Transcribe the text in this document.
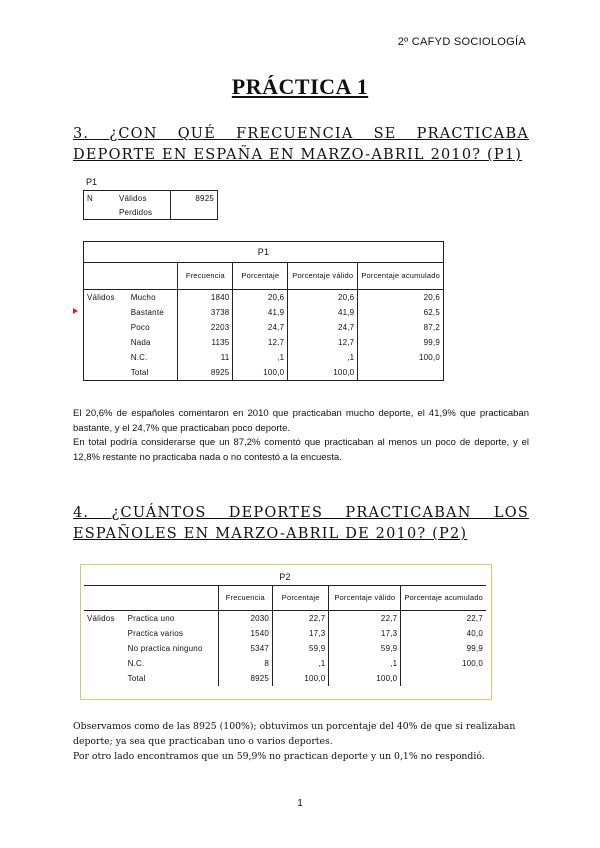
2º CAFYD SOCIOLOGÍA
PRÁCTICA 1
3. ¿CON QUÉ FRECUENCIA SE PRACTICABA
DEPORTE EN ESPAÑA EN MARZO-ABRIL 2010? (P1)
P1
N	Válidos	8925
	Perdidos	
P1					
		Frecuencia	Porcentaje	Porcentaje válido	Porcentaje acumulado
Válidos	Mucho	1840	20,6	20,6	20,6
	Bastante	3738	41,9	41,9	62,5
	Poco	2203	24,7	24,7	87,2
	Nada	1135	12,7	12,7	99,9
	N.C.	11	,1	,1	100,0
	Total	8925	100,0	100,0	
El 20,6% de españoles comentaron en 2010 que practicaban mucho deporte, el 41,9% que practicaban bastante, y el 24,7% que practicaban poco deporte.
En total podría considerarse que un 87,2% comentó que practicaban al menos un poco de deporte, y el 12,8% restante no practicaba nada o no contestó a la encuesta.
4. ¿CUÁNTOS DEPORTES PRACTICABAN LOS
ESPAÑOLES EN MARZO-ABRIL DE 2010? (P2)
P2					
		Frecuencia	Porcentaje	Porcentaje válido	Porcentaje acumulado
Válidos	Practica uno	2030	22,7	22,7	22,7
	Practica varios	1540	17,3	17,3	40,0
	No practica ninguno	5347	59,9	59,9	99,9
	N.C.	8	,1	,1	100,0
	Total	8925	100,0	100,0	
Observamos como de las 8925 (100%); obtuvimos un porcentaje del 40% de que si realizaban deporte; ya sea que practicaban uno o varios deportes.
Por otro lado encontramos que un 59,9% no practican deporte y un 0,1% no respondió.
1
